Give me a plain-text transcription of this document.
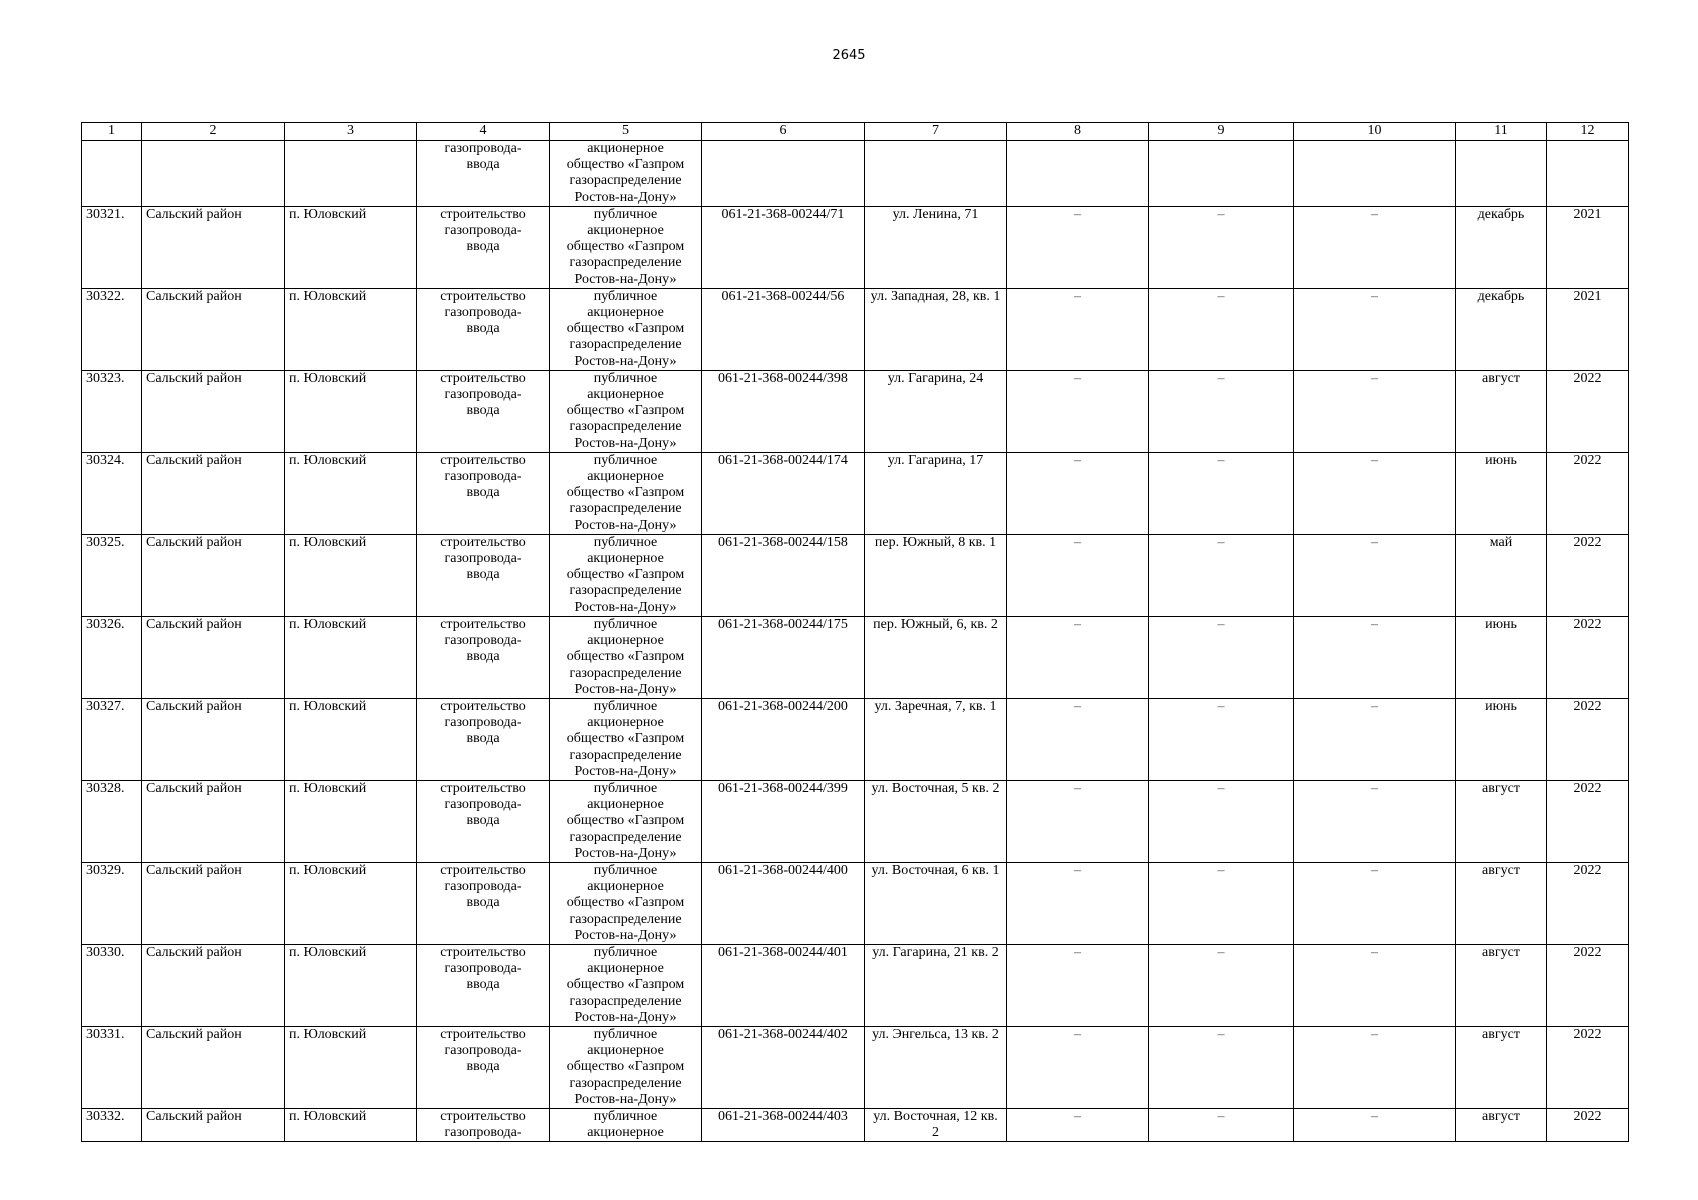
2645
1	2	3	4	5	6	7	8	9	10	11	12
			газопровода-
ввода	акционерное
общество «Газпром
газораспределение
Ростов-на-Дону»							
30321.	Сальский район	п. Юловский	строительство
газопровода-
ввода	публичное
акционерное
общество «Газпром
газораспределение
Ростов-на-Дону»	061-21-368-00244/71	ул. Ленина, 71	–	–	–	декабрь	2021
30322.	Сальский район	п. Юловский	строительство
газопровода-
ввода	публичное
акционерное
общество «Газпром
газораспределение
Ростов-на-Дону»	061-21-368-00244/56	ул. Западная, 28, кв. 1	–	–	–	декабрь	2021
30323.	Сальский район	п. Юловский	строительство
газопровода-
ввода	публичное
акционерное
общество «Газпром
газораспределение
Ростов-на-Дону»	061-21-368-00244/398	ул. Гагарина, 24	–	–	–	август	2022
30324.	Сальский район	п. Юловский	строительство
газопровода-
ввода	публичное
акционерное
общество «Газпром
газораспределение
Ростов-на-Дону»	061-21-368-00244/174	ул. Гагарина, 17	–	–	–	июнь	2022
30325.	Сальский район	п. Юловский	строительство
газопровода-
ввода	публичное
акционерное
общество «Газпром
газораспределение
Ростов-на-Дону»	061-21-368-00244/158	пер. Южный, 8 кв. 1	–	–	–	май	2022
30326.	Сальский район	п. Юловский	строительство
газопровода-
ввода	публичное
акционерное
общество «Газпром
газораспределение
Ростов-на-Дону»	061-21-368-00244/175	пер. Южный, 6, кв. 2	–	–	–	июнь	2022
30327.	Сальский район	п. Юловский	строительство
газопровода-
ввода	публичное
акционерное
общество «Газпром
газораспределение
Ростов-на-Дону»	061-21-368-00244/200	ул. Заречная, 7, кв. 1	–	–	–	июнь	2022
30328.	Сальский район	п. Юловский	строительство
газопровода-
ввода	публичное
акционерное
общество «Газпром
газораспределение
Ростов-на-Дону»	061-21-368-00244/399	ул. Восточная, 5 кв. 2	–	–	–	август	2022
30329.	Сальский район	п. Юловский	строительство
газопровода-
ввода	публичное
акционерное
общество «Газпром
газораспределение
Ростов-на-Дону»	061-21-368-00244/400	ул. Восточная, 6 кв. 1	–	–	–	август	2022
30330.	Сальский район	п. Юловский	строительство
газопровода-
ввода	публичное
акционерное
общество «Газпром
газораспределение
Ростов-на-Дону»	061-21-368-00244/401	ул. Гагарина, 21 кв. 2	–	–	–	август	2022
30331.	Сальский район	п. Юловский	строительство
газопровода-
ввода	публичное
акционерное
общество «Газпром
газораспределение
Ростов-на-Дону»	061-21-368-00244/402	ул. Энгельса, 13 кв. 2	–	–	–	август	2022
30332.	Сальский район	п. Юловский	строительство
газопровода-	публичное
акционерное	061-21-368-00244/403	ул. Восточная, 12 кв. 2	–	–	–	август	2022
